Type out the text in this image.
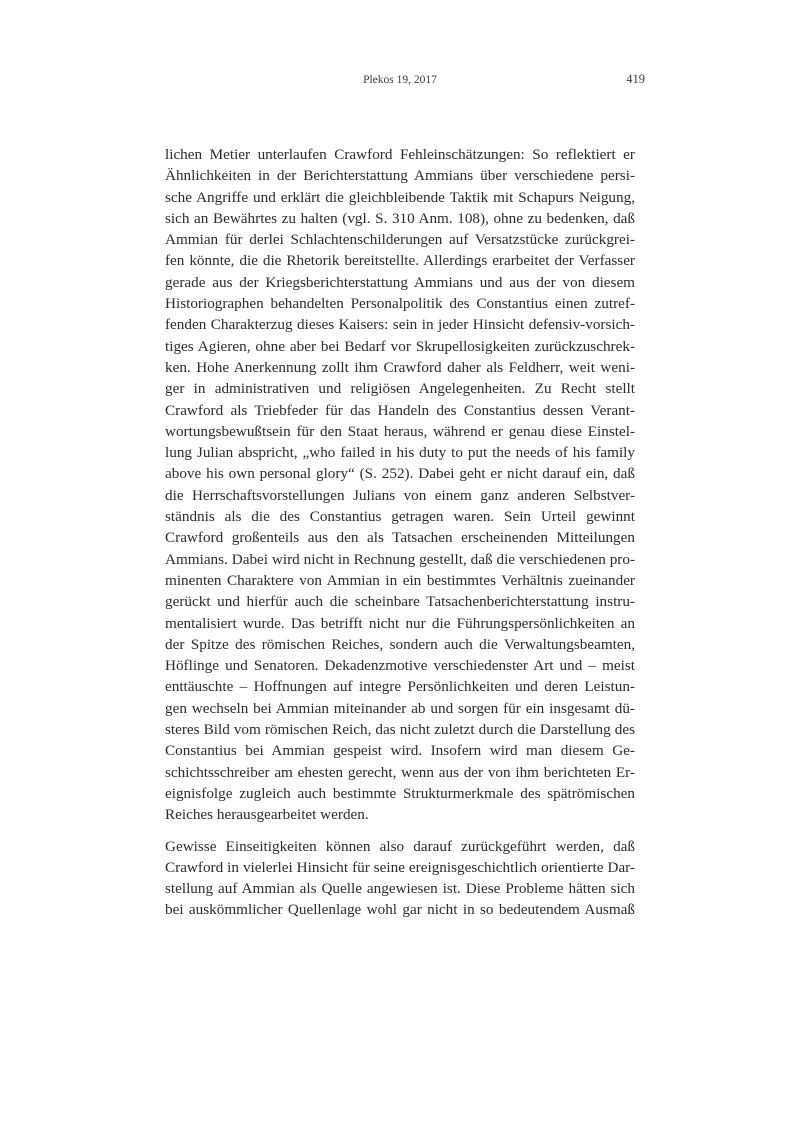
Plekos 19, 2017	419

lichen Metier unterlaufen Crawford Fehleinschätzungen: So reflektiert er
Ähnlichkeiten in der Berichterstattung Ammians über verschiedene persi-
sche Angriffe und erklärt die gleichbleibende Taktik mit Schapurs Neigung,
sich an Bewährtes zu halten (vgl. S. 310 Anm. 108), ohne zu bedenken, daß
Ammian für derlei Schlachtenschilderungen auf Versatzstücke zurückgrei-
fen könnte, die die Rhetorik bereitstellte. Allerdings erarbeitet der Verfasser
gerade aus der Kriegsberichterstattung Ammians und aus der von diesem
Historiographen behandelten Personalpolitik des Constantius einen zutref-
fenden Charakterzug dieses Kaisers: sein in jeder Hinsicht defensiv-vorsich-
tiges Agieren, ohne aber bei Bedarf vor Skrupellosigkeiten zurückzuschrek-
ken. Hohe Anerkennung zollt ihm Crawford daher als Feldherr, weit weni-
ger in administrativen und religiösen Angelegenheiten. Zu Recht stellt
Crawford als Triebfeder für das Handeln des Constantius dessen Verant-
wortungsbewußtsein für den Staat heraus, während er genau diese Einstel-
lung Julian abspricht, „who failed in his duty to put the needs of his family
above his own personal glory“ (S. 252). Dabei geht er nicht darauf ein, daß
die Herrschaftsvorstellungen Julians von einem ganz anderen Selbstver-
ständnis als die des Constantius getragen waren. Sein Urteil gewinnt
Crawford großenteils aus den als Tatsachen erscheinenden Mitteilungen
Ammians. Dabei wird nicht in Rechnung gestellt, daß die verschiedenen pro-
minenten Charaktere von Ammian in ein bestimmtes Verhältnis zueinander
gerückt und hierfür auch die scheinbare Tatsachenberichterstattung instru-
mentalisiert wurde. Das betrifft nicht nur die Führungspersönlichkeiten an
der Spitze des römischen Reiches, sondern auch die Verwaltungsbeamten,
Höflinge und Senatoren. Dekadenzmotive verschiedenster Art und – meist
enttäuschte – Hoffnungen auf integre Persönlichkeiten und deren Leistun-
gen wechseln bei Ammian miteinander ab und sorgen für ein insgesamt dü-
steres Bild vom römischen Reich, das nicht zuletzt durch die Darstellung des
Constantius bei Ammian gespeist wird. Insofern wird man diesem Ge-
schichtsschreiber am ehesten gerecht, wenn aus der von ihm berichteten Er-
eignisfolge zugleich auch bestimmte Strukturmerkmale des spätrömischen
Reiches herausgearbeitet werden.

Gewisse Einseitigkeiten können also darauf zurückgeführt werden, daß
Crawford in vielerlei Hinsicht für seine ereignisgeschichtlich orientierte Dar-
stellung auf Ammian als Quelle angewiesen ist. Diese Probleme hätten sich
bei auskömmlicher Quellenlage wohl gar nicht in so bedeutendem Ausmaß
